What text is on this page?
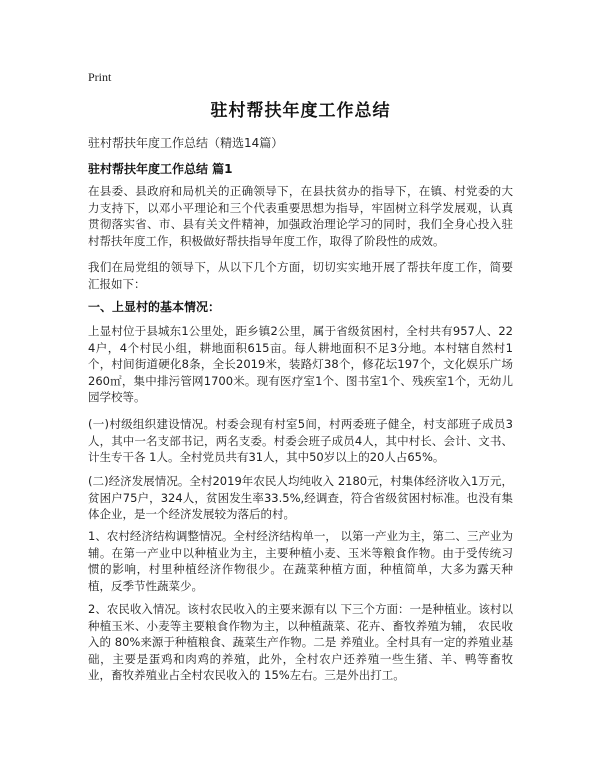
Print
驻村帮扶年度工作总结
驻村帮扶年度工作总结（精选14篇）
驻村帮扶年度工作总结 篇1
在县委、县政府和局机关的正确领导下，在县扶贫办的指导下，在镇、村党委的大力支持下，以邓小平理论和三个代表重要思想为指导，牢固树立科学发展观，认真贯彻落实省、市、县有关文件精神，加强政治理论学习的同时，我们全身心投入驻村帮扶年度工作，积极做好帮扶指导年度工作，取得了阶段性的成效。
我们在局党组的领导下，从以下几个方面，切切实实地开展了帮扶年度工作，简要汇报如下：
一、上显村的基本情况：
上显村位于县城东1公里处，距乡镇2公里，属于省级贫困村，全村共有957人、224户，4个村民小组，耕地面积615亩。每人耕地面积不足3分地。本村辖自然村1个，村间街道硬化8条，全长2019米，装路灯38个，修花坛197个，文化娱乐广场260㎡，集中排污管网1700米。现有医疗室1个、图书室1个、残疾室1个，无幼儿园学校等。
(一)村级组织建设情况。村委会现有村室5间，村两委班子健全，村支部班子成员3人，其中一名支部书记，两名支委。村委会班子成员4人，其中村长、会计、文书、计生专干各 1人。全村党员共有31人，其中50岁以上的20人占65%。
(二)经济发展情况。全村2019年农民人均纯收入 2180元，村集体经济收入1万元，贫困户75户，324人，贫困发生率33.5%,经调查，符合省级贫困村标准。也没有集体企业，是一个经济发展较为落后的村。
1、农村经济结构调整情况。全村经济结构单一， 以第一产业为主，第二、三产业为辅。在第一产业中以种植业为主，主要种植小麦、玉米等粮食作物。由于受传统习惯的影响，村里种植经济作物很少。在蔬菜种植方面，种植简单，大多为露天种植，反季节性蔬菜少。
2、农民收入情况。该村农民收入的主要来源有以 下三个方面：一是种植业。该村以种植玉米、小麦等主要粮食作物为主，以种植蔬菜、花卉、畜牧养殖为辅， 农民收入的 80%来源于种植粮食、蔬菜生产作物。二是 养殖业。全村具有一定的养殖业基础，主要是蛋鸡和肉鸡的养殖，此外，全村农户还养殖一些生猪、羊、鸭等畜牧业，畜牧养殖业占全村农民收入的 15%左右。三是外出打工。
